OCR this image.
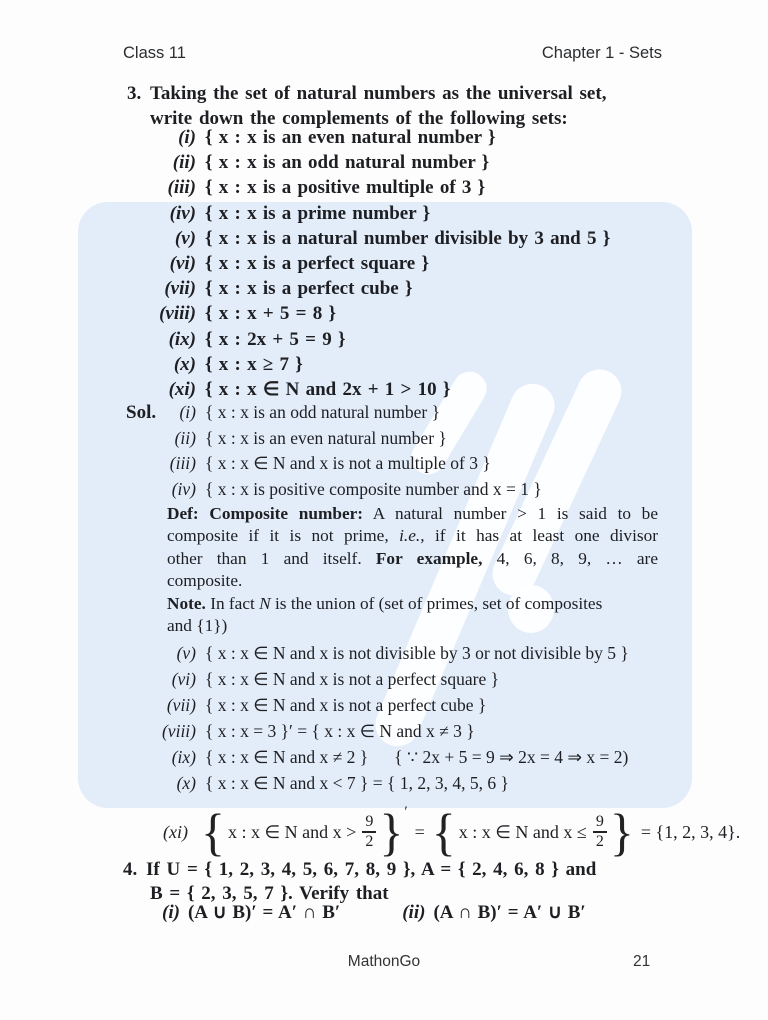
Class 11	Chapter 1 - Sets
3. Taking the set of natural numbers as the universal set,
write down the complements of the following sets:
(i) { x : x is an even natural number }
(ii) { x : x is an odd natural number }
(iii) { x : x is a positive multiple of 3 }
(iv) { x : x is a prime number }
(v) { x : x is a natural number divisible by 3 and 5 }
(vi) { x : x is a perfect square }
(vii) { x : x is a perfect cube }
(viii) { x : x + 5 = 8 }
(ix) { x : 2x + 5 = 9 }
(x) { x : x ≥ 7 }
(xi) { x : x ∈ N and 2x + 1 > 10 }
Sol.	(i) { x : x is an odd natural number }
(ii) { x : x is an even natural number }
(iii) { x : x ∈ N and x is not a multiple of 3 }
(iv) { x : x is positive composite number and x = 1 }
Def: Composite number: A natural number > 1 is said to be
composite if it is not prime, i.e., if it has at least one divisor
other than 1 and itself. For example, 4, 6, 8, 9, … are
composite.
Note. In fact N is the union of (set of primes, set of composites
and {1})
(v) { x : x ∈ N and x is not divisible by 3 or not divisible by 5 }
(vi) { x : x ∈ N and x is not a perfect square }
(vii) { x : x ∈ N and x is not a perfect cube }
(viii) { x : x = 3 }′ = { x : x ∈ N and x ≠ 3 }
(ix) { x : x ∈ N and x ≠ 2 } { ∵ 2x + 5 = 9 ⇒ 2x = 4 ⇒ x = 2)
(x) { x : x ∈ N and x < 7 } = { 1, 2, 3, 4, 5, 6 }
(xi) { x : x ∈ N and $x > \frac{9}{2}$ } ′
= { x : x ∈ N and $x \le \frac{9}{2}$ } = {1, 2, 3, 4}.
4. If U = { 1, 2, 3, 4, 5, 6, 7, 8, 9 }, A = { 2, 4, 6, 8 } and
B = { 2, 3, 5, 7 }. Verify that
(i) (A ∪ B)′ = A′ ∩ B′	(ii) (A ∩ B)′ = A′ ∪ B′
MathonGo	21
